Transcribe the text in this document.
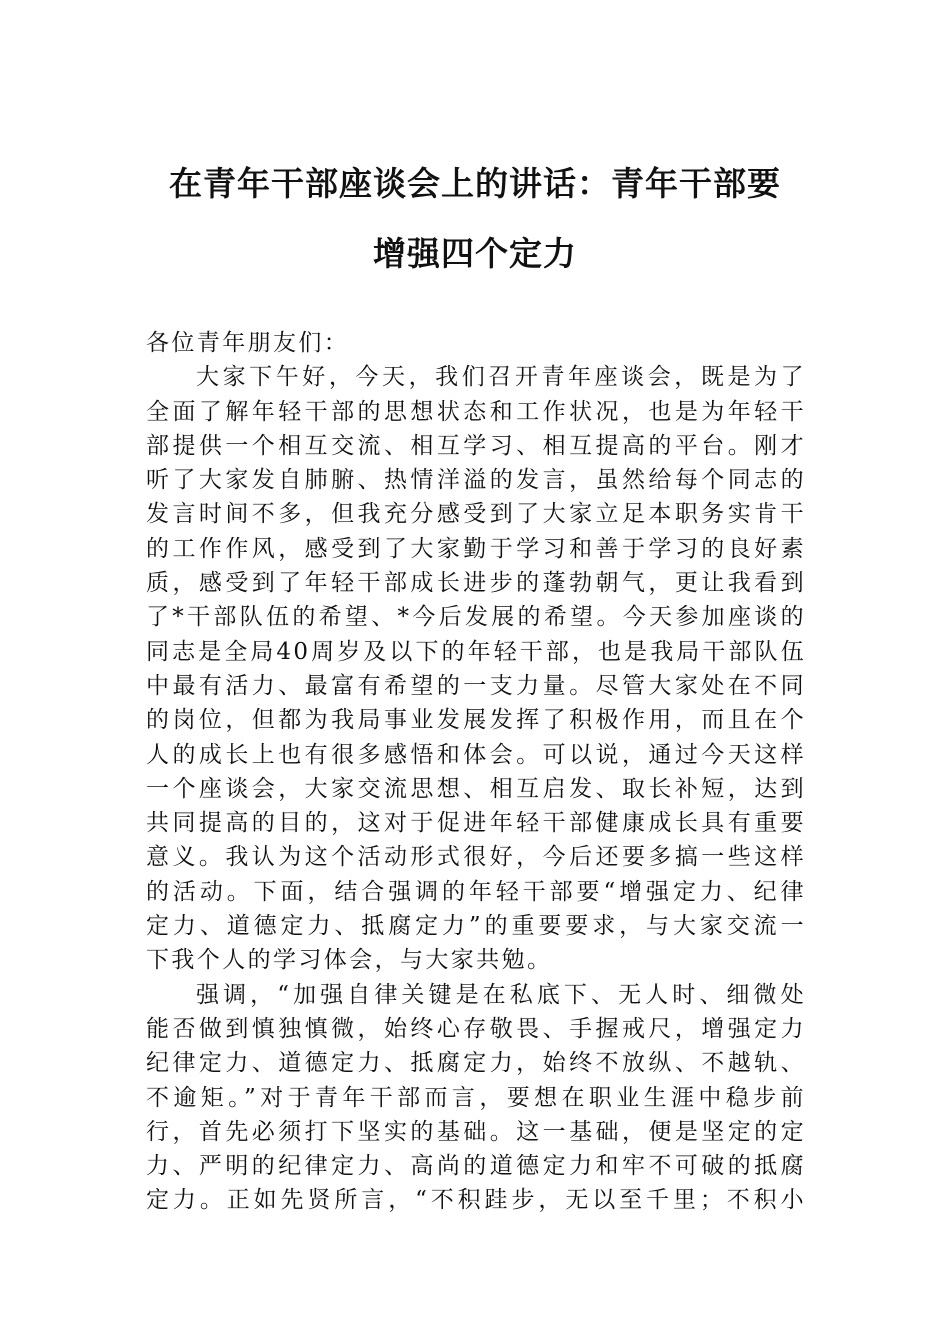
在青年干部座谈会上的讲话：青年干部要
增强四个定力
各位青年朋友们：
大家下午好，今天，我们召开青年座谈会，既是为了
全面了解年轻干部的思想状态和工作状况，也是为年轻干
部提供一个相互交流、相互学习、相互提高的平台。刚才
听了大家发自肺腑、热情洋溢的发言，虽然给每个同志的
发言时间不多，但我充分感受到了大家立足本职务实肯干
的工作作风，感受到了大家勤于学习和善于学习的良好素
质，感受到了年轻干部成长进步的蓬勃朝气，更让我看到
了*干部队伍的希望、*今后发展的希望。今天参加座谈的
同志是全局40周岁及以下的年轻干部，也是我局干部队伍
中最有活力、最富有希望的一支力量。尽管大家处在不同
的岗位，但都为我局事业发展发挥了积极作用，而且在个
人的成长上也有很多感悟和体会。可以说，通过今天这样
一个座谈会，大家交流思想、相互启发、取长补短，达到
共同提高的目的，这对于促进年轻干部健康成长具有重要
意义。我认为这个活动形式很好，今后还要多搞一些这样
的活动。下面，结合强调的年轻干部要“增强定力、纪律
定力、道德定力、抵腐定力”的重要要求，与大家交流一
下我个人的学习体会，与大家共勉。
强调，“加强自律关键是在私底下、无人时、细微处
能否做到慎独慎微，始终心存敬畏、手握戒尺，增强定力
纪律定力、道德定力、抵腐定力，始终不放纵、不越轨、
不逾矩。”对于青年干部而言，要想在职业生涯中稳步前
行，首先必须打下坚实的基础。这一基础，便是坚定的定
力、严明的纪律定力、高尚的道德定力和牢不可破的抵腐
定力。正如先贤所言，“不积跬步，无以至千里；不积小
